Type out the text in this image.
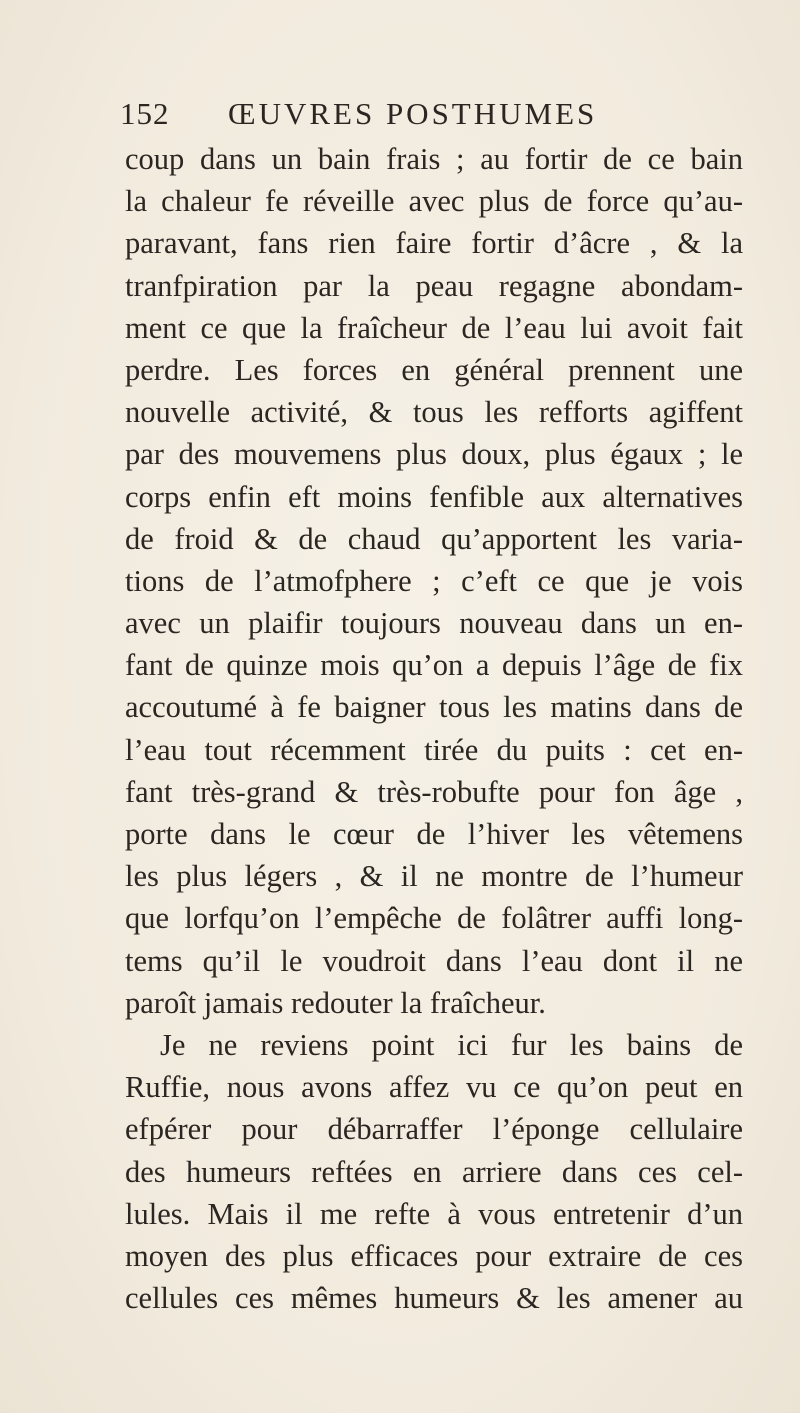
152 ŒUVRES POSTHUMES
coup dans un bain frais ; au fortir de ce bain
la chaleur fe réveille avec plus de force qu’au-
paravant, fans rien faire fortir d’âcre , & la
tranfpiration par la peau regagne abondam-
ment ce que la fraîcheur de l’eau lui avoit fait
perdre. Les forces en général prennent une
nouvelle activité, & tous les refforts agiffent
par des mouvemens plus doux, plus égaux ; le
corps enfin eft moins fenfible aux alternatives
de froid & de chaud qu’apportent les varia-
tions de l’atmofphere ; c’eft ce que je vois
avec un plaifir toujours nouveau dans un en-
fant de quinze mois qu’on a depuis l’âge de fix
accoutumé à fe baigner tous les matins dans de
l’eau tout récemment tirée du puits : cet en-
fant très-grand & très-robufte pour fon âge ,
porte dans le cœur de l’hiver les vêtemens
les plus légers , & il ne montre de l’humeur
que lorfqu’on l’empêche de folâtrer auffi long-
tems qu’il le voudroit dans l’eau dont il ne
paroît jamais redouter la fraîcheur.
Je ne reviens point ici fur les bains de
Ruffie, nous avons affez vu ce qu’on peut en
efpérer pour débarraffer l’éponge cellulaire
des humeurs reftées en arriere dans ces cel-
lules. Mais il me refte à vous entretenir d’un
moyen des plus efficaces pour extraire de ces
cellules ces mêmes humeurs & les amener au
